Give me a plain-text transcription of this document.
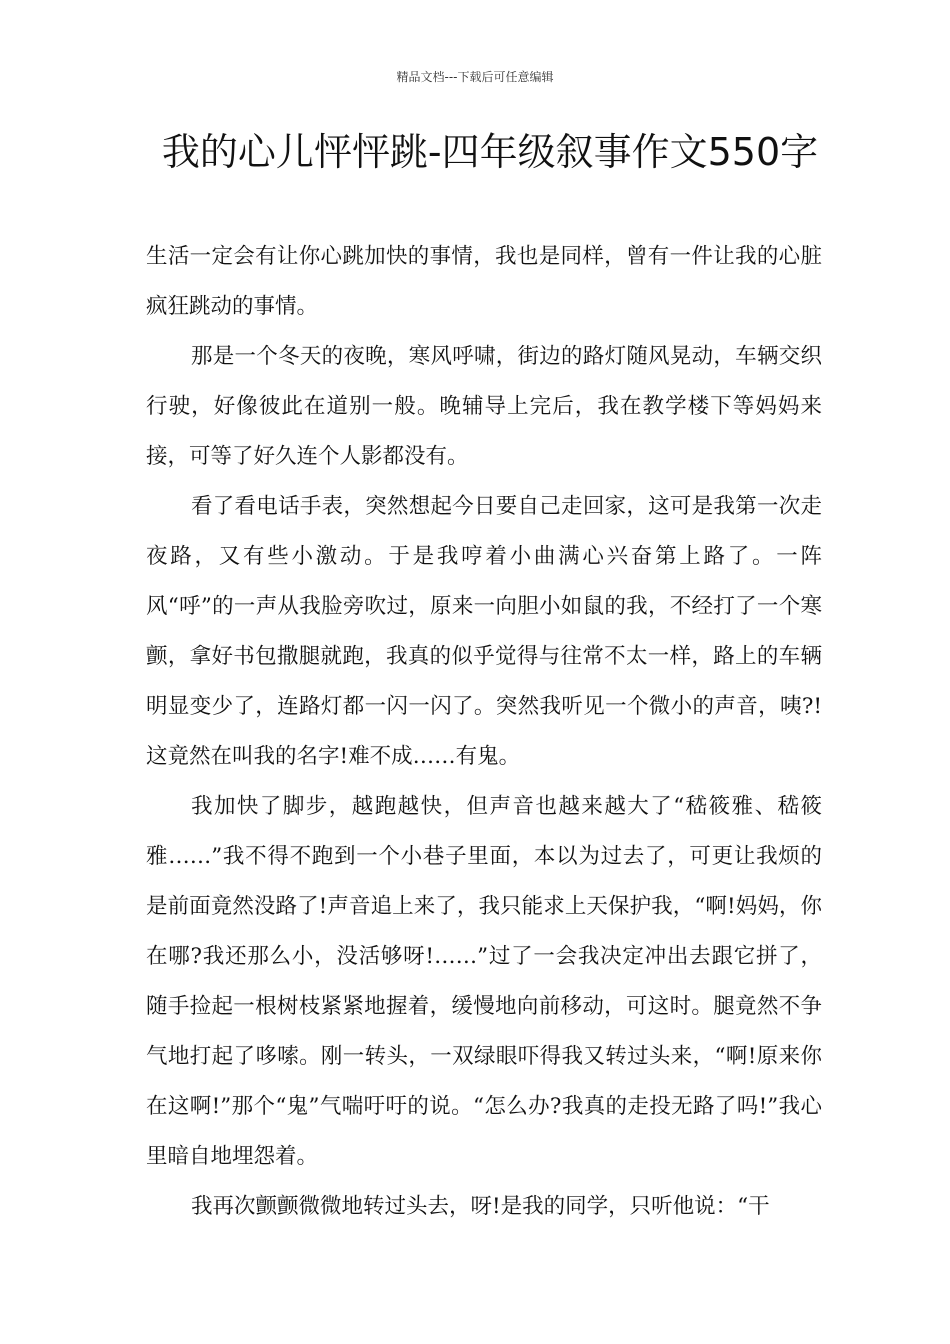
精品文档---下载后可任意编辑
我的心儿怦怦跳-四年级叙事作文550字

生活一定会有让你心跳加快的事情，我也是同样，曾有一件让我的心脏疯狂跳动的事情。

那是一个冬天的夜晚，寒风呼啸，街边的路灯随风晃动，车辆交织行驶，好像彼此在道别一般。晚辅导上完后，我在教学楼下等妈妈来接，可等了好久连个人影都没有。

看了看电话手表，突然想起今日要自己走回家，这可是我第一次走夜路，又有些小激动。于是我哼着小曲满心兴奋第上路了。一阵风“呼”的一声从我脸旁吹过，原来一向胆小如鼠的我，不经打了一个寒颤，拿好书包撒腿就跑，我真的似乎觉得与往常不太一样，路上的车辆明显变少了，连路灯都一闪一闪了。突然我听见一个微小的声音，咦?!这竟然在叫我的名字!难不成……有鬼。

我加快了脚步，越跑越快，但声音也越来越大了“嵇筱雅、嵇筱雅……”我不得不跑到一个小巷子里面，本以为过去了，可更让我烦的是前面竟然没路了!声音追上来了，我只能求上天保护我，“啊!妈妈，你在哪?我还那么小，没活够呀!……”过了一会我决定冲出去跟它拼了，随手捡起一根树枝紧紧地握着，缓慢地向前移动，可这时。腿竟然不争气地打起了哆嗦。刚一转头，一双绿眼吓得我又转过头来，“啊!原来你在这啊!”那个“鬼”气喘吁吁的说。“怎么办?我真的走投无路了吗!”我心里暗自地埋怨着。

我再次颤颤微微地转过头去，呀!是我的同学，只听他说：“干
